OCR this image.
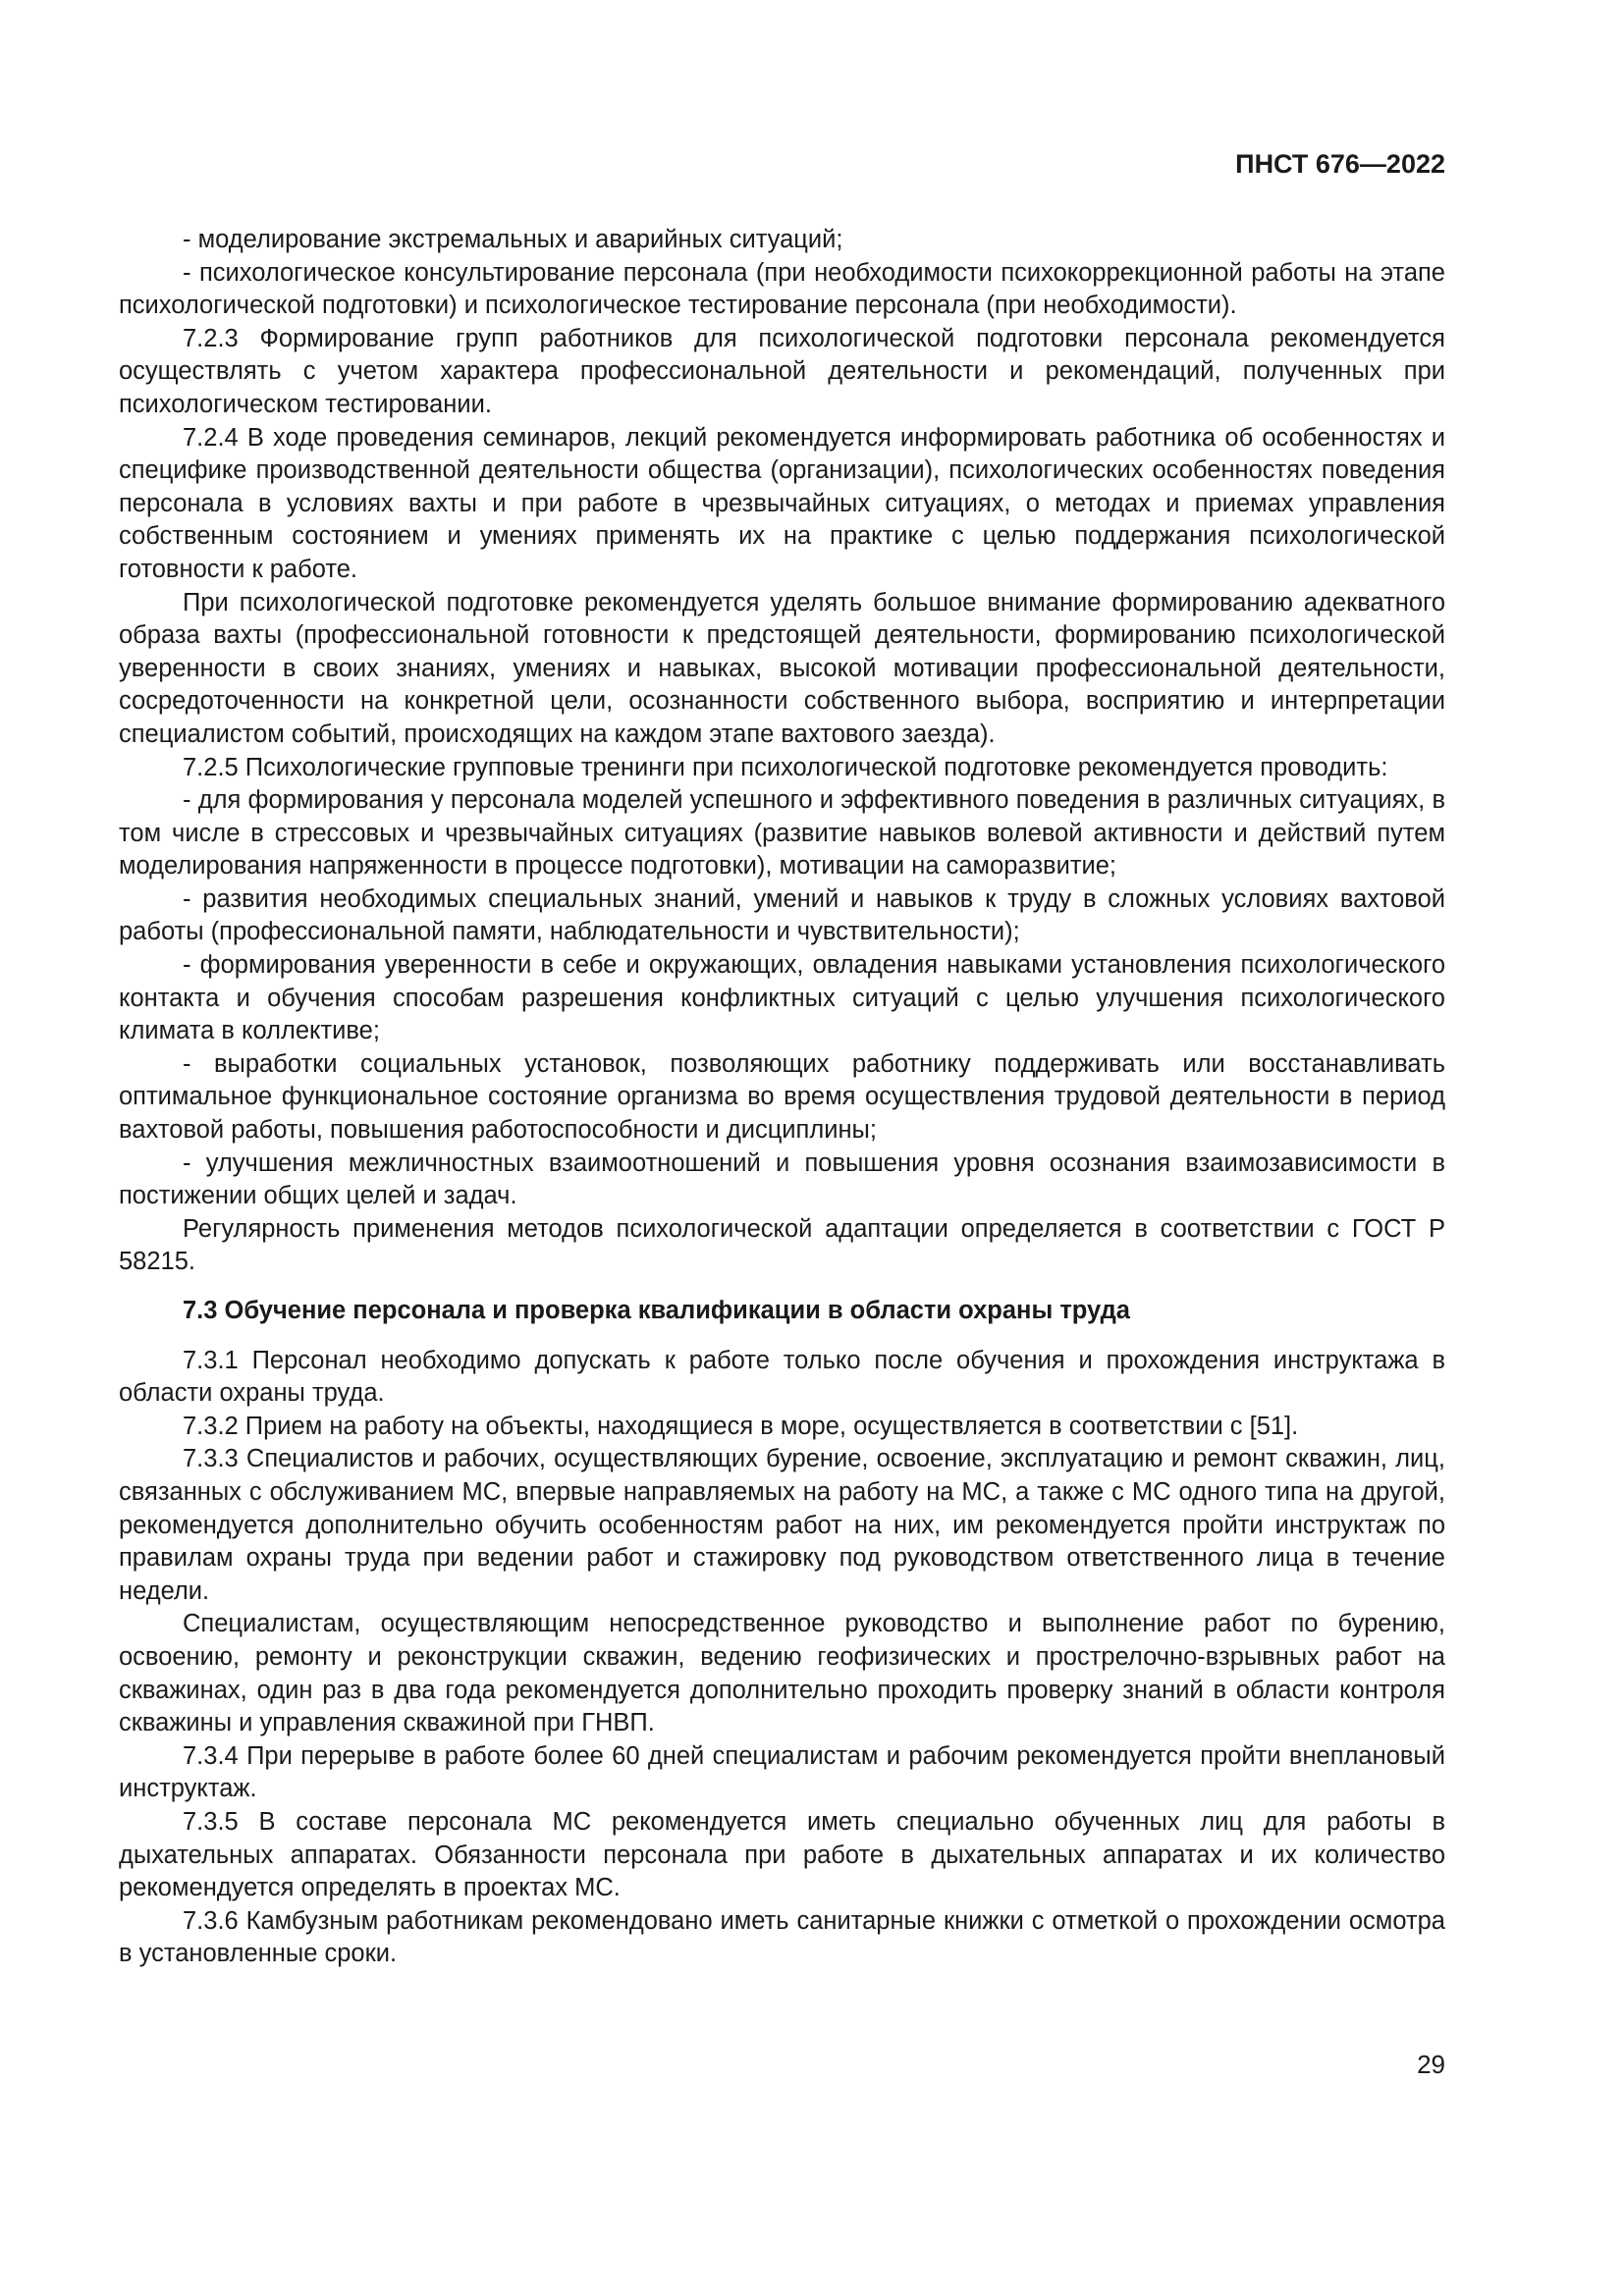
ПНСТ 676—2022

- моделирование экстремальных и аварийных ситуаций;

- психологическое консультирование персонала (при необходимости психокоррекционной работы на этапе психологической подготовки) и психологическое тестирование персонала (при необходимости).

7.2.3 Формирование групп работников для психологической подготовки персонала рекомендуется осуществлять с учетом характера профессиональной деятельности и рекомендаций, полученных при психологическом тестировании.

7.2.4 В ходе проведения семинаров, лекций рекомендуется информировать работника об особенностях и специфике производственной деятельности общества (организации), психологических особенностях поведения персонала в условиях вахты и при работе в чрезвычайных ситуациях, о методах и приемах управления собственным состоянием и умениях применять их на практике с целью поддержания психологической готовности к работе.

При психологической подготовке рекомендуется уделять большое внимание формированию адекватного образа вахты (профессиональной готовности к предстоящей деятельности, формированию психологической уверенности в своих знаниях, умениях и навыках, высокой мотивации профессиональной деятельности, сосредоточенности на конкретной цели, осознанности собственного выбора, восприятию и интерпретации специалистом событий, происходящих на каждом этапе вахтового заезда).

7.2.5 Психологические групповые тренинги при психологической подготовке рекомендуется проводить:

- для формирования у персонала моделей успешного и эффективного поведения в различных ситуациях, в том числе в стрессовых и чрезвычайных ситуациях (развитие навыков волевой активности и действий путем моделирования напряженности в процессе подготовки), мотивации на саморазвитие;

- развития необходимых специальных знаний, умений и навыков к труду в сложных условиях вахтовой работы (профессиональной памяти, наблюдательности и чувствительности);

- формирования уверенности в себе и окружающих, овладения навыками установления психологического контакта и обучения способам разрешения конфликтных ситуаций с целью улучшения психологического климата в коллективе;

- выработки социальных установок, позволяющих работнику поддерживать или восстанавливать оптимальное функциональное состояние организма во время осуществления трудовой деятельности в период вахтовой работы, повышения работоспособности и дисциплины;

- улучшения межличностных взаимоотношений и повышения уровня осознания взаимозависимости в постижении общих целей и задач.

Регулярность применения методов психологической адаптации определяется в соответствии с ГОСТ Р 58215.

7.3 Обучение персонала и проверка квалификации в области охраны труда

7.3.1 Персонал необходимо допускать к работе только после обучения и прохождения инструктажа в области охраны труда.

7.3.2 Прием на работу на объекты, находящиеся в море, осуществляется в соответствии с [51].

7.3.3 Специалистов и рабочих, осуществляющих бурение, освоение, эксплуатацию и ремонт скважин, лиц, связанных с обслуживанием МС, впервые направляемых на работу на МС, а также с МС одного типа на другой, рекомендуется дополнительно обучить особенностям работ на них, им рекомендуется пройти инструктаж по правилам охраны труда при ведении работ и стажировку под руководством ответственного лица в течение недели.

Специалистам, осуществляющим непосредственное руководство и выполнение работ по бурению, освоению, ремонту и реконструкции скважин, ведению геофизических и прострелочно-взрывных работ на скважинах, один раз в два года рекомендуется дополнительно проходить проверку знаний в области контроля скважины и управления скважиной при ГНВП.

7.3.4 При перерыве в работе более 60 дней специалистам и рабочим рекомендуется пройти внеплановый инструктаж.

7.3.5 В составе персонала МС рекомендуется иметь специально обученных лиц для работы в дыхательных аппаратах. Обязанности персонала при работе в дыхательных аппаратах и их количество рекомендуется определять в проектах МС.

7.3.6 Камбузным работникам рекомендовано иметь санитарные книжки с отметкой о прохождении осмотра в установленные сроки.

29
